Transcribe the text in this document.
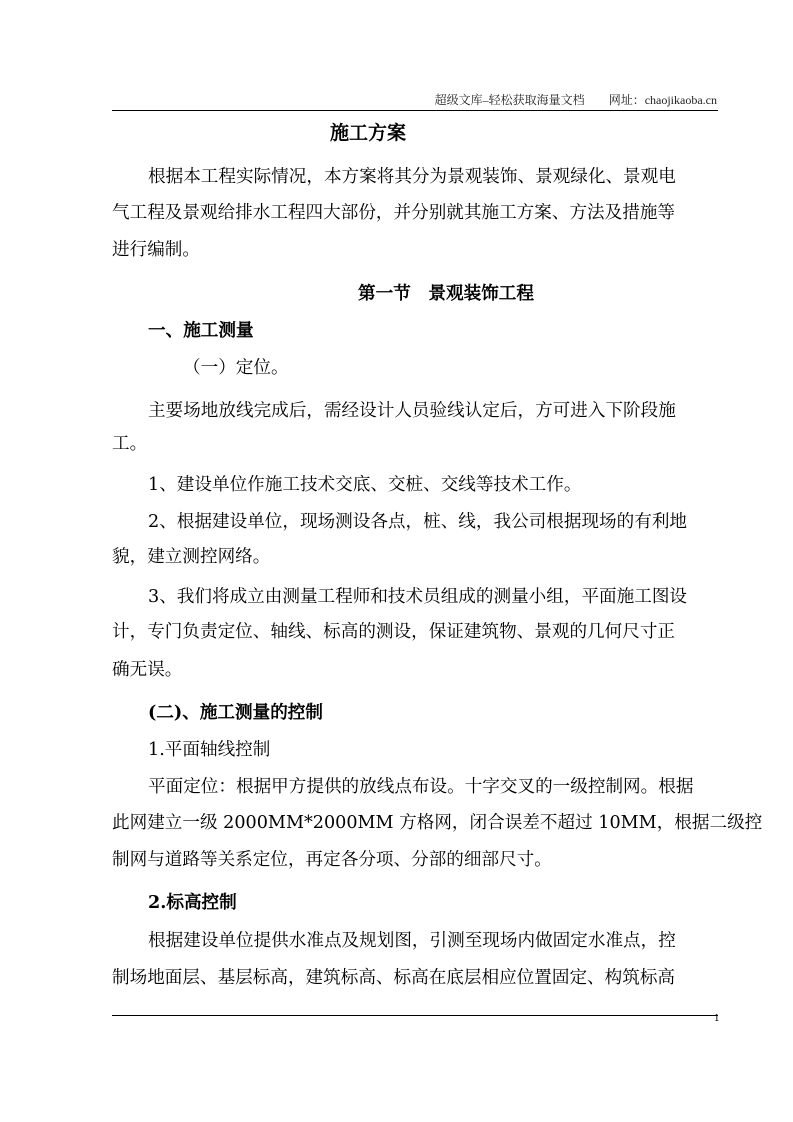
超级文库–轻松获取海量文档　　 网址：chaojikaoba.cn
施工方案
根据本工程实际情况，本方案将其分为景观装饰、景观绿化、景观电
气工程及景观给排水工程四大部份，并分别就其施工方案、方法及措施等
进行编制。
第一节　景观装饰工程
一、施工测量
（一）定位。
主要场地放线完成后，需经设计人员验线认定后，方可进入下阶段施
工。
1、建设单位作施工技术交底、交桩、交线等技术工作。
2、根据建设单位，现场测设各点，桩、线，我公司根据现场的有利地
貌，建立测控网络。
3、我们将成立由测量工程师和技术员组成的测量小组，平面施工图设
计，专门负责定位、轴线、标高的测设，保证建筑物、景观的几何尺寸正
确无误。
(二)、施工测量的控制
1.平面轴线控制
平面定位：根据甲方提供的放线点布设。十字交叉的一级控制网。根据
此网建立一级 2000MM*2000MM 方格网，闭合误差不超过 10MM，根据二级控
制网与道路等关系定位，再定各分项、分部的细部尺寸。
2.标高控制
根据建设单位提供水准点及规划图，引测至现场内做固定水准点，控
制场地面层、基层标高，建筑标高、标高在底层相应位置固定、构筑标高
1
